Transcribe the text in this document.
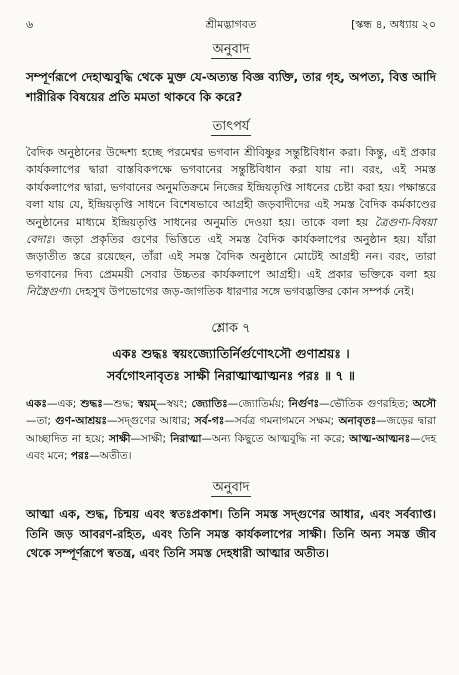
৬	শ্রীমদ্ভাগবত	[স্কন্ধ ৪, অধ্যায় ২০
অনুবাদ

সম্পূর্ণরূপে দেহাত্মবুদ্ধি থেকে মুক্ত যে-অত্যন্ত বিজ্ঞ ব্যক্তি, তার গৃহ, অপত্য, বিত্ত আদি শারীরিক বিষয়ের প্রতি মমতা থাকবে কি করে?

তাৎপর্য

বৈদিক অনুষ্ঠানের উদ্দেশ্য হচ্ছে পরমেশ্বর ভগবান শ্রীবিষ্ণুর সন্তুষ্টিবিধান করা। কিন্তু, এই প্রকার কার্যকলাপের দ্বারা বাস্তবিকপক্ষে ভগবানের সন্তুষ্টিবিধান করা যায় না। বরং, এই সমস্ত কার্যকলাপের দ্বারা, ভগবানের অনুমতিক্রমে নিজের ইন্দ্রিয়তৃপ্তি সাধনের চেষ্টা করা হয়। পক্ষান্তরে বলা যায় যে, ইন্দ্রিয়তৃপ্তি সাধনে বিশেষভাবে আগ্রহী জড়বাদীদের এই সমস্ত বৈদিক কর্মকাণ্ডের অনুষ্ঠানের মাধ্যমে ইন্দ্রিয়তৃপ্তি সাধনের অনুমতি দেওয়া হয়। তাকে বলা হয় ত্রৈগুণ্য-বিষয়া বেদাঃ। জড়া প্রকৃতির গুণের ভিত্তিতে এই সমস্ত বৈদিক কার্যকলাপের অনুষ্ঠান হয়। যাঁরা জড়াতীত স্তরে রয়েছেন, তাঁরা এই সমস্ত বৈদিক অনুষ্ঠানে মোটেই আগ্রহী নন। বরং, তারা ভগবানের দিব্য প্রেমময়ী সেবার উচ্চতর কার্যকলাপে আগ্রহী। এই প্রকার ভক্তিকে বলা হয় নিস্ত্রৈগুণ্য। দেহসুখ উপভোগের জড়-জাগতিক ধারণার সঙ্গে ভগবদ্ভক্তির কোন সম্পর্ক নেই।

শ্লোক ৭

একঃ শুদ্ধঃ স্বয়ংজ্যোতির্নির্গুণোঽসৌ গুণাশ্রয়ঃ ।

সর্বগোঽনাবৃতঃ সাক্ষী নিরাত্মাত্মাত্মনঃ পরঃ ॥ ৭ ॥

একঃ—এক; শুদ্ধঃ—শুদ্ধ; স্বয়ম্—স্বয়ং; জ্যোতিঃ—জ্যোতির্ময়; নির্গুণঃ—ভৌতিক গুণরহিত; অসৌ—তা; গুণ-আশ্রয়ঃ—সদ্গুণের আধার; সর্ব-গঃ—সর্বত্র গমনাগমনে সক্ষম; অনাবৃতঃ—জড়ের দ্বারা আচ্ছাদিত না হয়ে; সাক্ষী—সাক্ষী; নিরাত্মা—অন্য কিছুতে আত্মবুদ্ধি না করে; আত্ম-আত্মনঃ—দেহ এবং মনে; পরঃ—অতীত।

অনুবাদ

আত্মা এক, শুদ্ধ, চিন্ময় এবং স্বতঃপ্রকাশ। তিনি সমস্ত সদ্গুণের আধার, এবং সর্বব্যাপ্ত। তিনি জড় আবরণ-রহিত, এবং তিনি সমস্ত কার্যকলাপের সাক্ষী। তিনি অন্য সমস্ত জীব থেকে সম্পূর্ণরূপে স্বতন্ত্র, এবং তিনি সমস্ত দেহধারী আত্মার অতীত।
